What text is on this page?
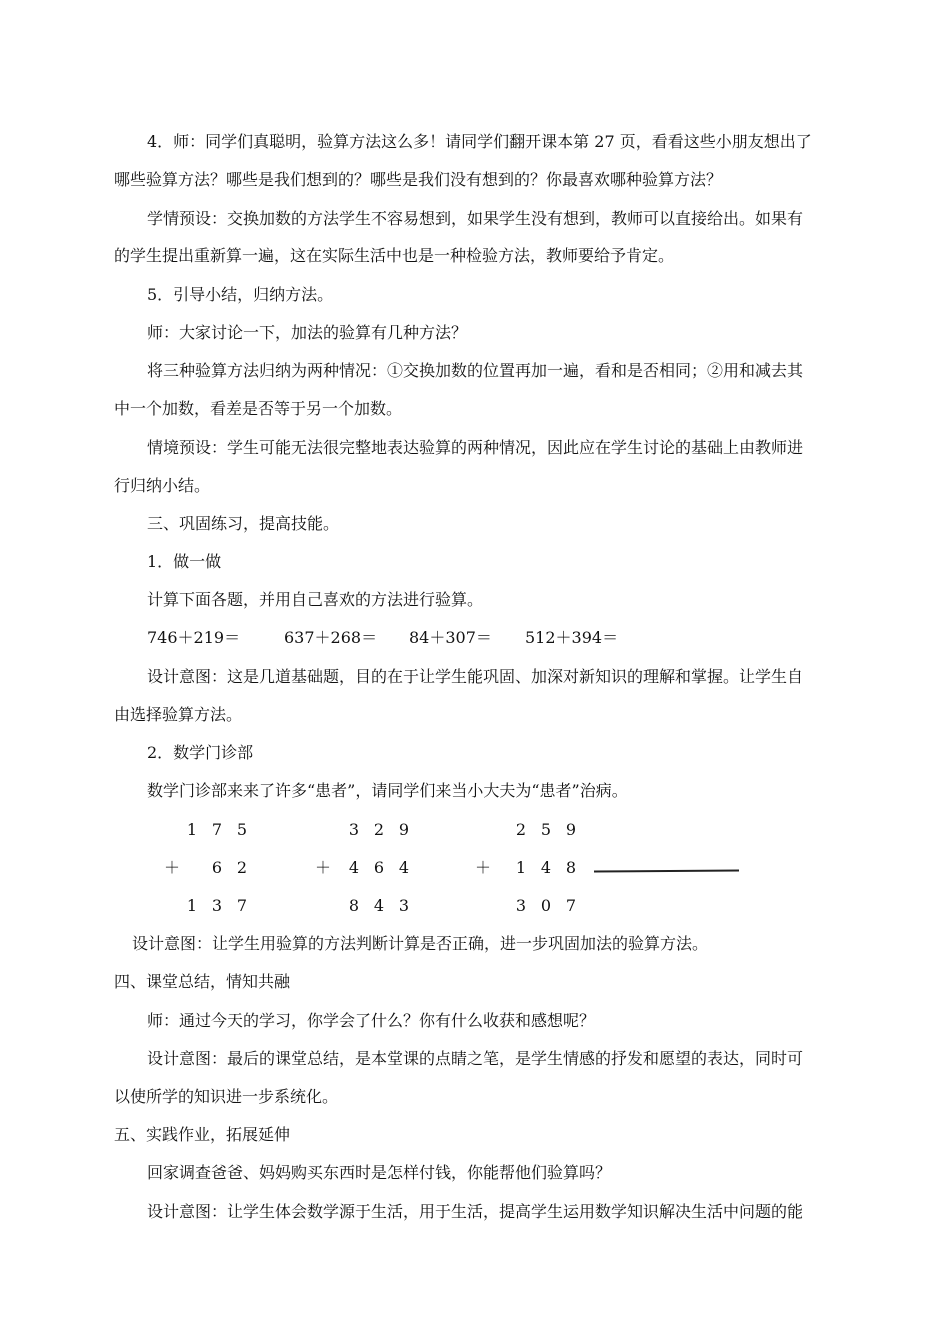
4．师：同学们真聪明，验算方法这么多！请同学们翻开课本第 27 页，看看这些小朋友想出了
哪些验算方法？哪些是我们想到的？哪些是我们没有想到的？你最喜欢哪种验算方法？
学情预设：交换加数的方法学生不容易想到，如果学生没有想到，教师可以直接给出。如果有
的学生提出重新算一遍，这在实际生活中也是一种检验方法，教师要给予肯定。
5．引导小结，归纳方法。
师：大家讨论一下，加法的验算有几种方法？
将三种验算方法归纳为两种情况：①交换加数的位置再加一遍，看和是否相同；②用和减去其
中一个加数，看差是否等于另一个加数。
情境预设：学生可能无法很完整地表达验算的两种情况，因此应在学生讨论的基础上由教师进
行归纳小结。
三、巩固练习，提高技能。
1．做一做
计算下面各题，并用自己喜欢的方法进行验算。
746＋219＝	637＋268＝ 84＋307＝ 512＋394＝
设计意图：这是几道基础题，目的在于让学生能巩固、加深对新知识的理解和掌握。让学生自
由选择验算方法。
2．数学门诊部
数学门诊部来来了许多“患者”，请同学们来当小大夫为“患者”治病。
1 7 5
＋	6 2
1 3 7
3 2 9
＋	4 6 4
8 4 3
2 5 9
＋	1 4 8
3 0 7
设计意图：让学生用验算的方法判断计算是否正确，进一步巩固加法的验算方法。
四、课堂总结，情知共融
师：通过今天的学习，你学会了什么？你有什么收获和感想呢？
设计意图：最后的课堂总结，是本堂课的点睛之笔，是学生情感的抒发和愿望的表达，同时可
以使所学的知识进一步系统化。
五、实践作业，拓展延伸
回家调查爸爸、妈妈购买东西时是怎样付钱，你能帮他们验算吗？
设计意图：让学生体会数学源于生活，用于生活，提高学生运用数学知识解决生活中问题的能
